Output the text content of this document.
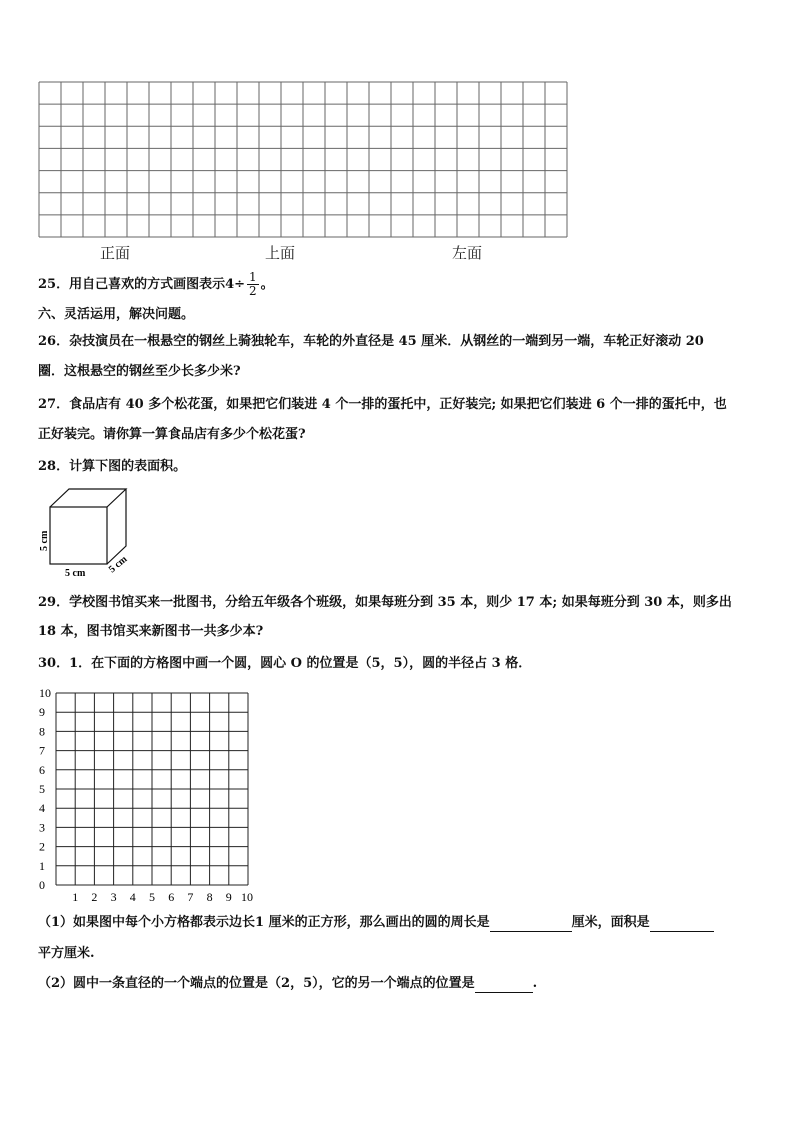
正面	上面	左面
25．用自己喜欢的方式画图表示$4\div \frac{1}{2}$ 。
六、灵活运用，解决问题。
26．杂技演员在一根悬空的钢丝上骑独轮车，车轮的外直径是 45 厘米．从钢丝的一端到另一端，车轮正好滚动 20
圈．这根悬空的钢丝至少长多少米?
27．食品店有 40 多个松花蛋，如果把它们装进 4 个一排的蛋托中，正好装完; 如果把它们装进 6 个一排的蛋托中，也
正好装完。请你算一算食品店有多少个松花蛋?
28．计算下图的表面积。
5 cm
5 cm 5 cm
29．学校图书馆买来一批图书，分给五年级各个班级，如果每班分到 35 本，则少 17 本; 如果每班分到 30 本，则多出
18 本，图书馆买来新图书一共多少本?
30．1．在下面的方格图中画一个圆，圆心 O 的位置是（5，5），圆的半径占 3 格．
0
1
2
3
4
5
6
7
8
9
10
1 2 3 4 5 6 7 8 9 10
（1）如果图中每个小方格都表示边长1 厘米的正方形，那么画出的圆的周长是	厘米，面积是
平方厘米.
（2）圆中一条直径的一个端点的位置是（2，5），它的另一个端点的位置是	.
